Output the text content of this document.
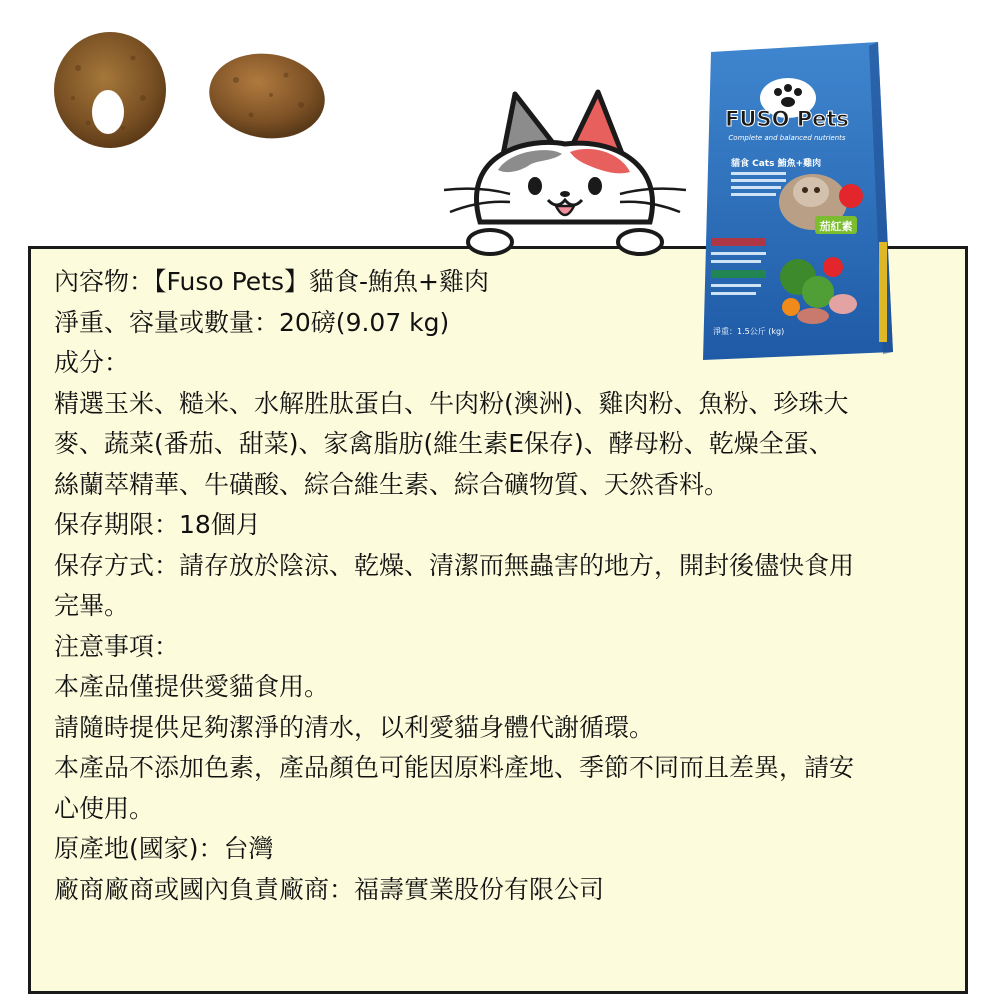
FUSO Pets
Complete and balanced nutrients
貓食 Cats 鮪魚+雞肉
茄紅素
淨重：1.5公斤 (kg)
內容物：【Fuso Pets】貓食-鮪魚+雞肉
淨重、容量或數量：20磅(9.07 kg)
成分：
精選玉米、糙米、水解胜肽蛋白、牛肉粉(澳洲)、雞肉粉、魚粉、珍珠大
麥、蔬菜(番茄、甜菜)、家禽脂肪(維生素E保存)、酵母粉、乾燥全蛋、
絲蘭萃精華、牛磺酸、綜合維生素、綜合礦物質、天然香料。
保存期限：18個月
保存方式：請存放於陰涼、乾燥、清潔而無蟲害的地方，開封後儘快食用
完畢。
注意事項：
本產品僅提供愛貓食用。
請隨時提供足夠潔淨的清水，以利愛貓身體代謝循環。
本產品不添加色素，產品顏色可能因原料產地、季節不同而且差異，請安
心使用。
原產地(國家)：台灣
廠商廠商或國內負責廠商：福壽實業股份有限公司
